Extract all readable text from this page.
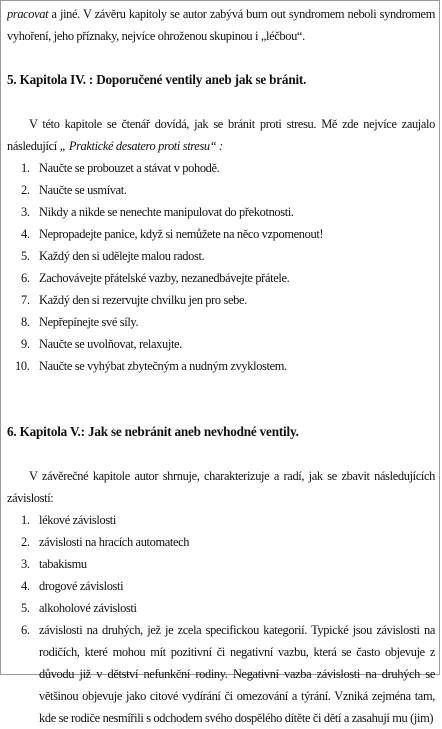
pracovat a jiné. V závěru kapitoly se autor zabývá burn out syndromem neboli syndromem vyhoření, jeho příznaky, nejvíce ohroženou skupinou i „léčbou“.

5. Kapitola IV. : Doporučené ventily aneb jak se bránit.

V této kapitole se čtenář dovídá, jak se bránit proti stresu. Mě zde nejvíce zaujalo následující „ Praktické desatero proti stresu“ :

1. Naučte se probouzet a stávat v pohodě.
2. Naučte se usmívat.
3. Nikdy a nikde se nenechte manipulovat do překotnosti.
4. Nepropadejte panice, když si nemůžete na něco vzpomenout!
5. Každý den si udělejte malou radost.
6. Zachovávejte přátelské vazby, nezanedbávejte přátele.
7. Každý den si rezervujte chvilku jen pro sebe.
8. Nepřepínejte své síly.
9. Naučte se uvolňovat, relaxujte.
10. Naučte se vyhýbat zbytečným a nudným zvyklostem.
6. Kapitola V.: Jak se nebránit aneb nevhodné ventily.

V závěrečné kapitole autor shrnuje, charakterizuje a radí, jak se zbavit následujících závislostí:

1. lékové závislosti
2. závislosti na hracích automatech
3. tabakismu
4. drogové závislosti
5. alkoholové závislosti
6. závislosti na druhých, jež je zcela specifickou kategorií. Typické jsou závislosti na rodičích, které mohou mít pozitivní či negativní vazbu, která se často objevuje z důvodu již v dětství nefunkční rodiny. Negativní vazba závislosti na druhých se většinou objevuje jako citové vydírání či omezování a týrání. Vzniká zejména tam, kde se rodiče nesmířili s odchodem svého dospělého dítěte či dětí a zasahují mu (jim)
